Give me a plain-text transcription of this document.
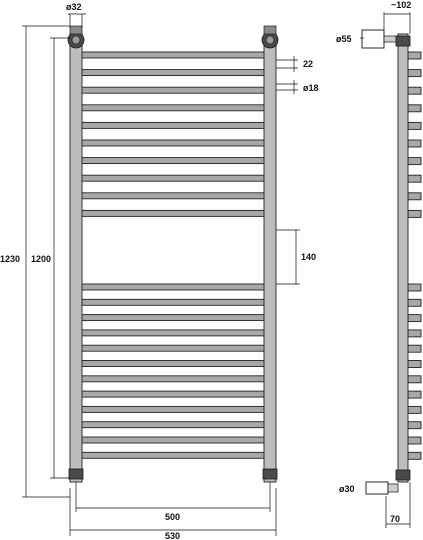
ø32
1230 1200
22
ø18
140
500
530
~102
ø55
ø30
70
